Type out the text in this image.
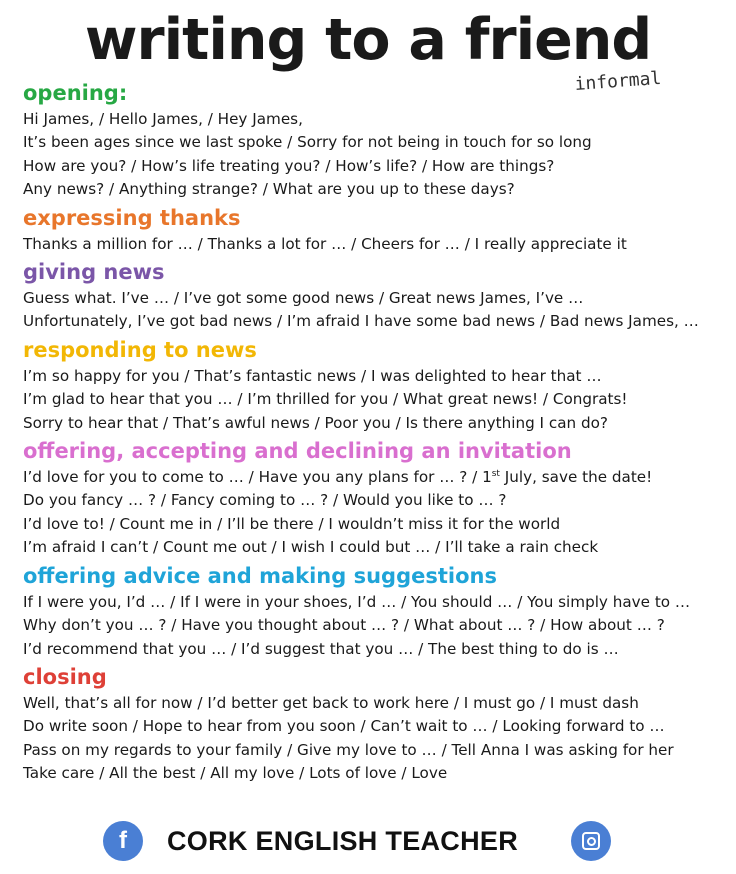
writing to a friend
informal
opening:
Hi James, / Hello James, / Hey James,
It’s been ages since we last spoke / Sorry for not being in touch for so long
How are you? / How’s life treating you? / How’s life? / How are things?
Any news? / Anything strange? / What are you up to these days?
expressing thanks
Thanks a million for … / Thanks a lot for … / Cheers for … / I really appreciate it
giving news
Guess what. I’ve … / I’ve got some good news / Great news James, I’ve …
Unfortunately, I’ve got bad news / I’m afraid I have some bad news / Bad news James, …
responding to news
I’m so happy for you / That’s fantastic news / I was delighted to hear that …
I’m glad to hear that you … / I’m thrilled for you / What great news! / Congrats!
Sorry to hear that / That’s awful news / Poor you / Is there anything I can do?
offering, accepting and declining an invitation
I’d love for you to come to … / Have you any plans for … ? / 1st July, save the date!
Do you fancy … ? / Fancy coming to … ? / Would you like to … ?
I’d love to! / Count me in / I’ll be there / I wouldn’t miss it for the world
I’m afraid I can’t / Count me out / I wish I could but … / I’ll take a rain check
offering advice and making suggestions
If I were you, I’d … / If I were in your shoes, I’d … / You should … / You simply have to …
Why don’t you … ? / Have you thought about … ? / What about … ? / How about … ?
I’d recommend that you … / I’d suggest that you … / The best thing to do is …
closing
Well, that’s all for now / I’d better get back to work here / I must go / I must dash
Do write soon / Hope to hear from you soon / Can’t wait to … / Looking forward to …
Pass on my regards to your family / Give my love to … / Tell Anna I was asking for her
Take care / All the best / All my love / Lots of love / Love
f	CORK ENGLISH TEACHER
